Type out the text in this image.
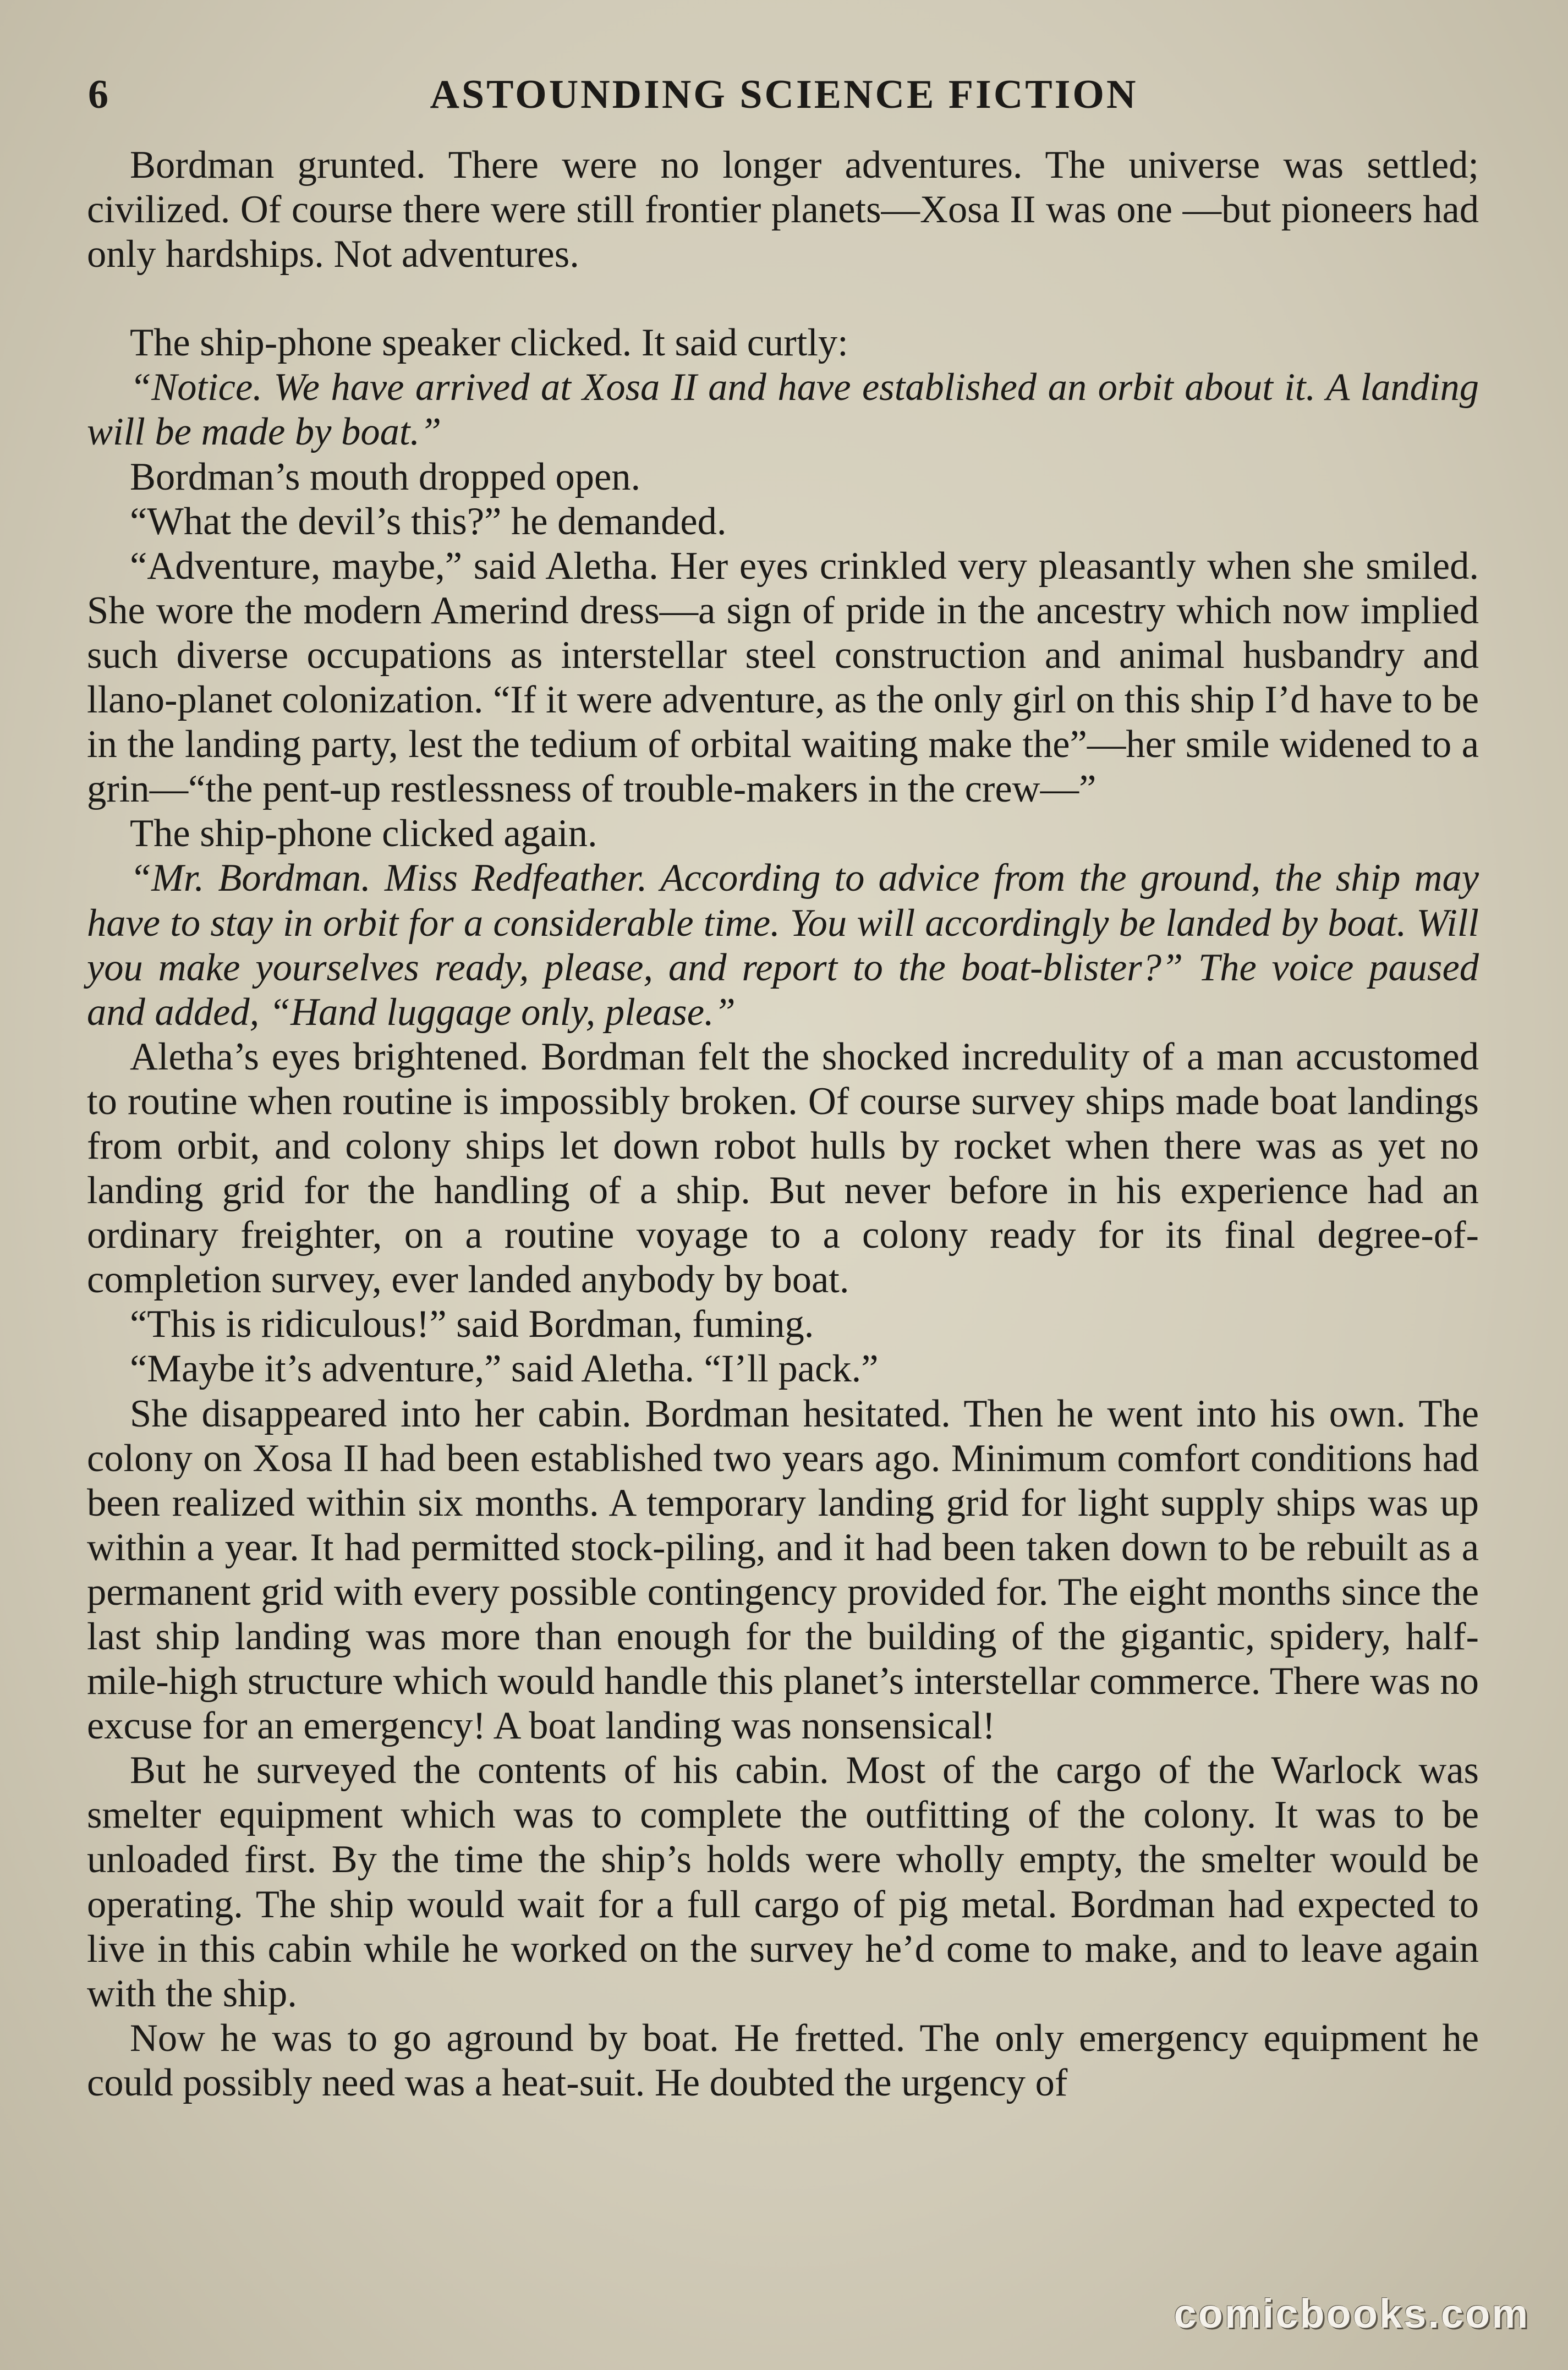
6	ASTOUNDING SCIENCE FICTION

Bordman grunted. There were no longer adventures. The universe was settled; civilized. Of course there were still frontier planets—Xosa II was one —but pioneers had only hardships. Not adventures.

The ship-phone speaker clicked. It said curtly:

“Notice. We have arrived at Xosa II and have established an orbit about it. A landing will be made by boat.”

Bordman’s mouth dropped open.

“What the devil’s this?” he demanded.

“Adventure, maybe,” said Aletha. Her eyes crinkled very pleasantly when she smiled. She wore the modern Amerind dress—a sign of pride in the ancestry which now implied such diverse occupations as interstellar steel construction and animal husbandry and llano-planet colonization. “If it were adventure, as the only girl on this ship I’d have to be in the landing party, lest the tedium of orbital waiting make the”—her smile widened to a grin—“the pent-up restlessness of trouble-makers in the crew—”

The ship-phone clicked again.

“Mr. Bordman. Miss Redfeather. According to advice from the ground, the ship may have to stay in orbit for a considerable time. You will accordingly be landed by boat. Will you make yourselves ready, please, and report to the boat-blister?” The voice paused and added, “Hand luggage only, please.”

Aletha’s eyes brightened. Bordman felt the shocked incredulity of a man accustomed to routine when routine is impossibly broken. Of course survey ships made boat landings from orbit, and colony ships let down robot hulls by rocket when there was as yet no landing grid for the handling of a ship. But never before in his experience had an ordinary freighter, on a routine voyage to a colony ready for its final degree-of-completion survey, ever landed anybody by boat.

“This is ridiculous!” said Bordman, fuming.

“Maybe it’s adventure,” said Aletha. “I’ll pack.”

She disappeared into her cabin. Bordman hesitated. Then he went into his own. The colony on Xosa II had been established two years ago. Minimum comfort conditions had been realized within six months. A temporary landing grid for light supply ships was up within a year. It had permitted stock-piling, and it had been taken down to be rebuilt as a permanent grid with every possible contingency provided for. The eight months since the last ship landing was more than enough for the building of the gigantic, spidery, half-mile-high structure which would handle this planet’s interstellar commerce. There was no excuse for an emergency! A boat landing was nonsensical!

But he surveyed the contents of his cabin. Most of the cargo of the Warlock was smelter equipment which was to complete the outfitting of the colony. It was to be unloaded first. By the time the ship’s holds were wholly empty, the smelter would be operating. The ship would wait for a full cargo of pig metal. Bordman had expected to live in this cabin while he worked on the survey he’d come to make, and to leave again with the ship.

Now he was to go aground by boat. He fretted. The only emergency equipment he could possibly need was a heat-suit. He doubted the urgency of

comicbooks.com
